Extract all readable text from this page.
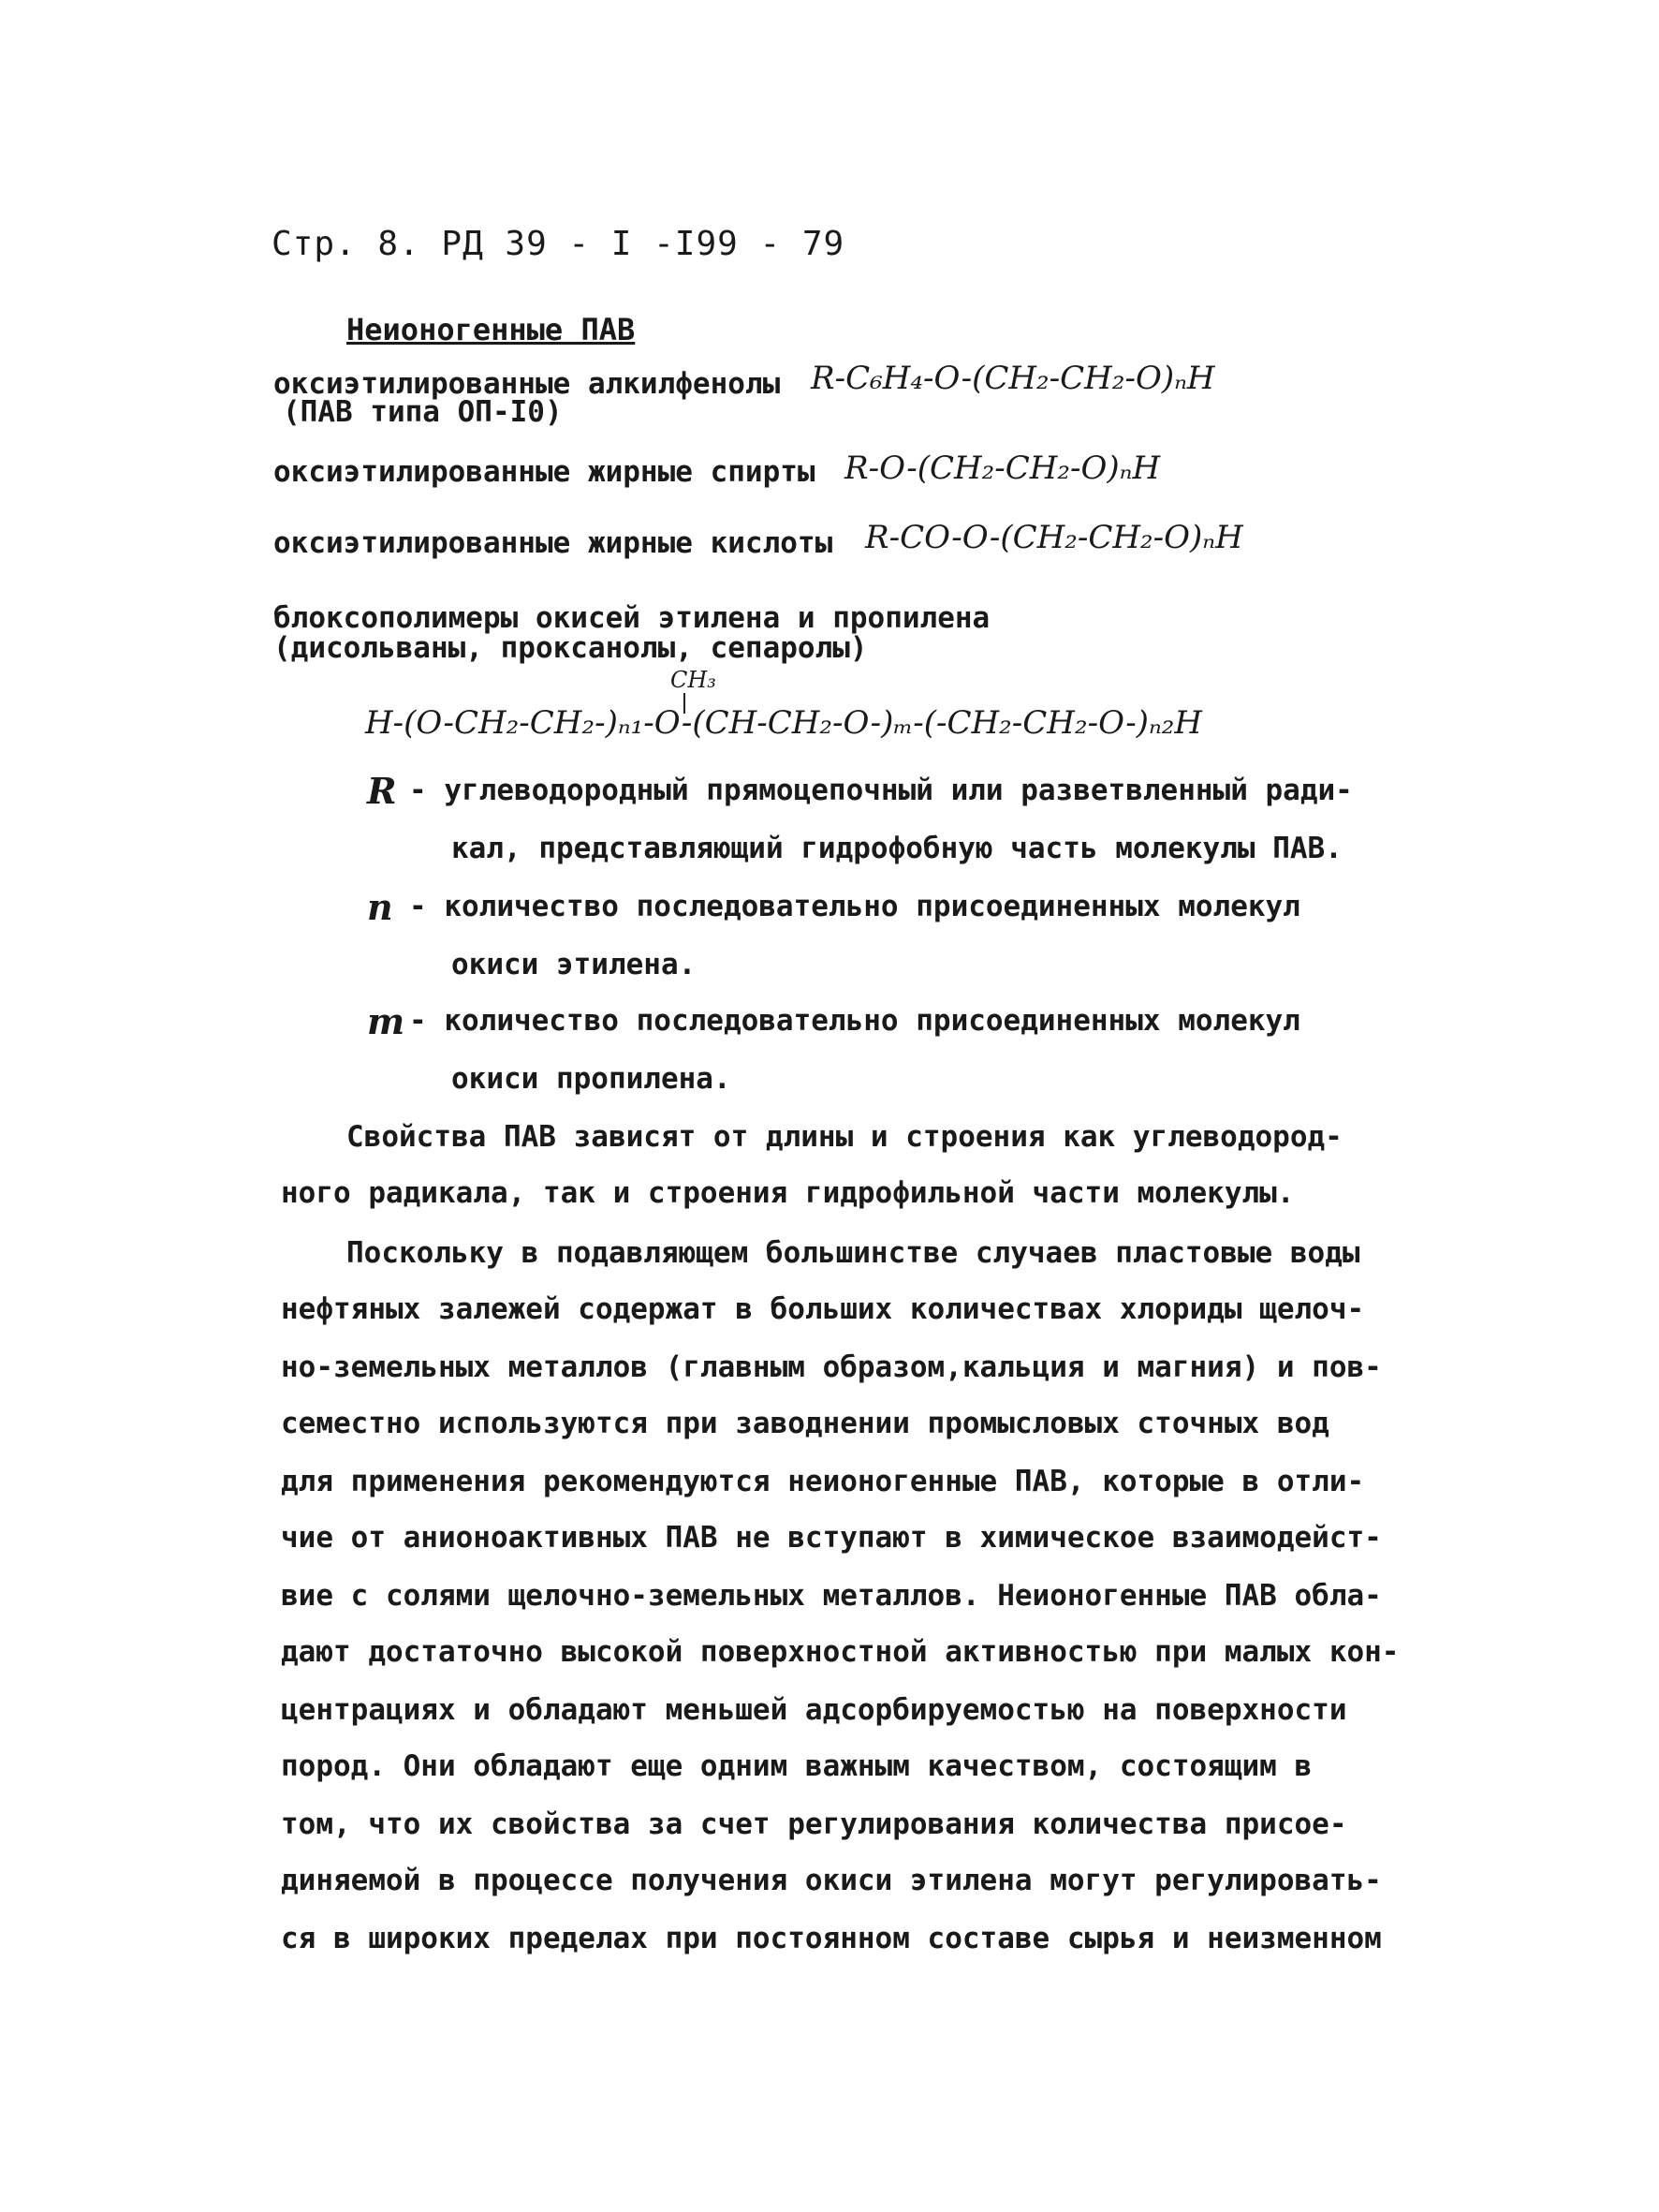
Стр. 8. РД 39 - I -I99 - 79
Неионогенные ПАВ
оксиэтилированные алкилфенолы R-C₆H₄-O-(CH₂-CH₂-O)ₙH
(ПАВ типа ОП-I0)
оксиэтилированные жирные спирты R-O-(CH₂-CH₂-O)ₙH
оксиэтилированные жирные кислоты R-CO-O-(CH₂-CH₂-O)ₙH
блоксополимеры окисей этилена и пропилена
(дисольваны, проксанолы, сепаролы)
CH₃
H-(O-CH₂-CH₂-)ₙ₁-O-(CH-CH₂-O-)ₘ-(-CH₂-CH₂-O-)ₙ₂H
R - углеводородный прямоцепочный или разветвленный ради-
кал, представляющий гидрофобную часть молекулы ПАВ.
n - количество последовательно присоединенных молекул
окиси этилена.
m - количество последовательно присоединенных молекул
окиси пропилена.
Свойства ПАВ зависят от длины и строения как углеводород-
ного радикала, так и строения гидрофильной части молекулы.
Поскольку в подавляющем большинстве случаев пластовые воды
нефтяных залежей содержат в больших количествах хлориды щелоч-
но-земельных металлов (главным образом,кальция и магния) и пов-
семестно используются при заводнении промысловых сточных вод
для применения рекомендуются неионогенные ПАВ, которые в отли-
чие от анионоактивных ПАВ не вступают в химическое взаимодейст-
вие с солями щелочно-земельных металлов. Неионогенные ПАВ обла-
дают достаточно высокой поверхностной активностью при малых кон-
центрациях и обладают меньшей адсорбируемостью на поверхности
пород. Они обладают еще одним важным качеством, состоящим в
том, что их свойства за счет регулирования количества присое-
диняемой в процессе получения окиси этилена могут регулировать-
ся в широких пределах при постоянном составе сырья и неизменном
